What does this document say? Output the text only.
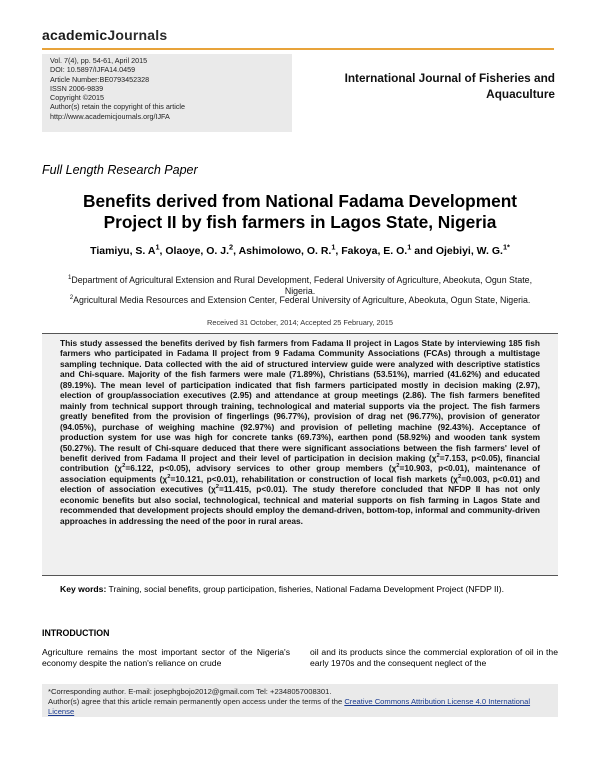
academicJournals
Vol. 7(4), pp. 54-61, April 2015
DOI: 10.5897/IJFA14.0459
Article Number:BE0793452328
ISSN 2006-9839
Copyright ©2015
Author(s) retain the copyright of this article
http://www.academicjournals.org/IJFA
International Journal of Fisheries and
Aquaculture
Full Length Research Paper
Benefits derived from National Fadama Development
Project II by fish farmers in Lagos State, Nigeria
Tiamiyu, S. $A^1$, Olaoye, O. J.$^2$, Ashimolowo, O. R.$^1$, Fakoya, E. O.$^1$ and Ojebiyi, W. G.$^{1*}$
$^1$Department of Agricultural Extension and Rural Development, Federal University of Agriculture, Abeokuta, Ogun State,
Nigeria.
$^2$Agricultural Media Resources and Extension Center, Federal University of Agriculture, Abeokuta, Ogun State, Nigeria.
Received 31 October, 2014; Accepted 25 February, 2015
This study assessed the benefits derived by fish farmers from Fadama II project in Lagos State by interviewing 185 fish farmers who participated in Fadama II project from 9 Fadama Community Associations (FCAs) through a multistage sampling technique. Data collected with the aid of structured interview guide were analyzed with descriptive statistics and Chi-square. Majority of the fish farmers were male (71.89%), Christians (53.51%), married (41.62%) and educated (89.19%). The mean level of participation indicated that fish farmers participated mostly in decision making (2.97), election of group/association executives (2.95) and attendance at group meetings (2.86). The fish farmers benefited mainly from technical support through training, technological and material supports via the project. The fish farmers greatly benefited from the provision of fingerlings (96.77%), provision of drag net (96.77%), provision of generator (94.05%), purchase of weighing machine (92.97%) and provision of pelleting machine (92.43%). Acceptance of production system for use was high for concrete tanks (69.73%), earthen pond (58.92%) and wooden tank system (50.27%). The result of Chi-square deduced that there were significant associations between the fish farmers' level of benefit derived from Fadama II project and their level of participation in decision making ($\chi^2=7.153$, p<0.05), financial contribution ($\chi^2=6.122$, p<0.05), advisory services to other group members ($\chi^2=10.903$, p<0.01), maintenance of association equipments ($\chi^2=10.121$, p<0.01), rehabilitation or construction of local fish markets ($\chi^2=0.003$, p<0.01) and election of association executives ($\chi^2=11.415$, p<0.01). The study therefore concluded that NFDP II has not only economic benefits but also social, technological, technical and material supports on fish farming in Lagos State and recommended that development projects should employ the demand-driven, bottom-top, informal and community-driven approaches in addressing the need of the poor in rural areas.
Key words: Training, social benefits, group participation, fisheries, National Fadama Development Project (NFDP II).
INTRODUCTION
Agriculture remains the most important sector of the Nigeria's economy despite the nation's reliance on crude
oil and its products since the commercial exploration of oil in the early 1970s and the consequent neglect of the
*Corresponding author. E-mail: josephgbojo2012@gmail.com Tel: +2348057008301.
Author(s) agree that this article remain permanently open access under the terms of the Creative Commons Attribution License 4.0 International License
